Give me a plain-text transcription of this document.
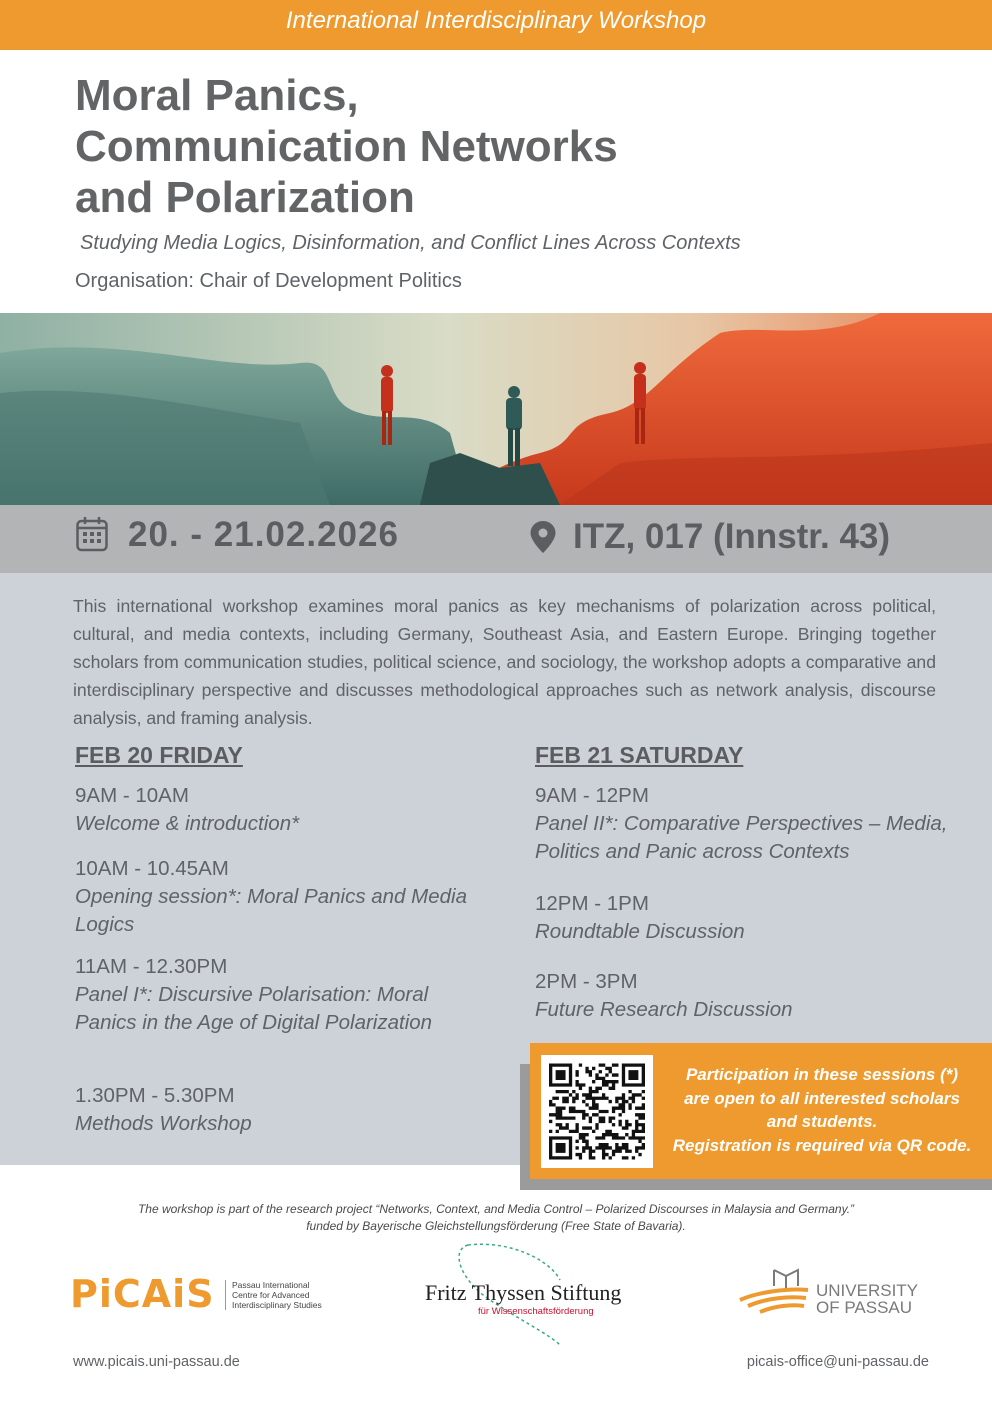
International Interdisciplinary Workshop
Moral Panics,
Communication Networks
and Polarization
Studying Media Logics, Disinformation, and Conflict Lines Across Contexts
Organisation: Chair of Development Politics
20. - 21.02.2026	ITZ, 017 (Innstr. 43)
This international workshop examines moral panics as key mechanisms of polarization across political, cultural, and media contexts, including Germany, Southeast Asia, and Eastern Europe. Bringing together scholars from communication studies, political science, and sociology, the workshop adopts a comparative and interdisciplinary perspective and discusses methodological approaches such as network analysis, discourse analysis, and framing analysis.
FEB 20 FRIDAY
9AM - 10AM
Welcome & introduction*
10AM - 10.45AM
Opening session*: Moral Panics and Media Logics
11AM - 12.30PM
Panel I*: Discursive Polarisation: Moral Panics in the Age of Digital Polarization
1.30PM - 5.30PM
Methods Workshop
FEB 21 SATURDAY
9AM - 12PM
Panel II*: Comparative Perspectives – Media, Politics and Panic across Contexts
12PM - 1PM
Roundtable Discussion
2PM - 3PM
Future Research Discussion
Participation in these sessions (*)
are open to all interested scholars
and students.
Registration is required via QR code.
The workshop is part of the research project “Networks, Context, and Media Control – Polarized Discourses in Malaysia and Germany.”
funded by Bayerische Gleichstellungsförderung (Free State of Bavaria).
PiCAiS Passau International
Centre for Advanced
Interdisciplinary Studies	Fritz Thyssen Stiftung
für Wissenschaftsförderung
UNIVERSITY
OF PASSAU
www.picais.uni-passau.de	picais-office@uni-passau.de
